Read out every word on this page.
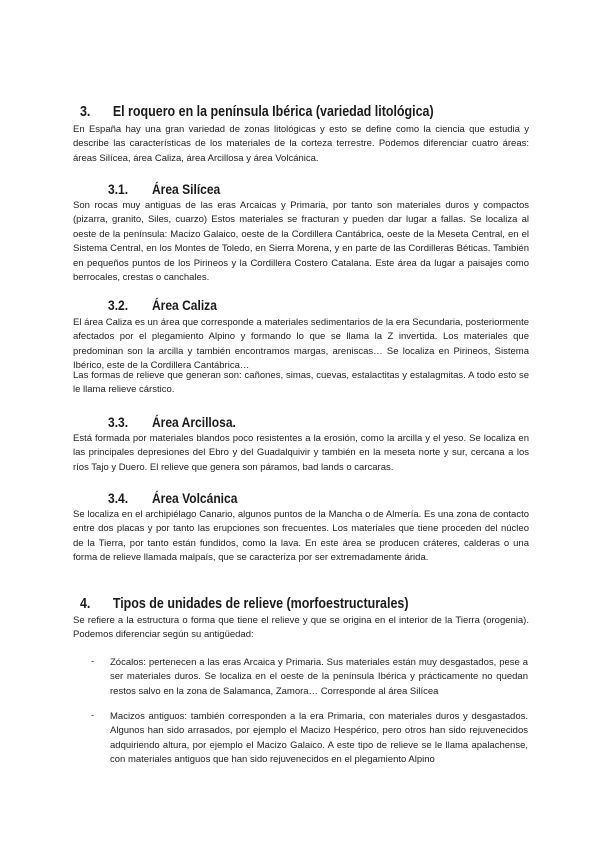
3. El roquero en la península Ibérica (variedad litológica)
En España hay una gran variedad de zonas litológicas y esto se define como la ciencia que estudia y describe las características de los materiales de la corteza terrestre. Podemos diferenciar cuatro áreas: áreas Silícea, área Caliza, área Arcillosa y área Volcánica.
3.1. Área Silícea
Son rocas muy antiguas de las eras Arcaicas y Primaria, por tanto son materiales duros y compactos (pizarra, granito, Siles, cuarzo) Estos materiales se fracturan y pueden dar lugar a fallas. Se localiza al oeste de la península: Macizo Galaico, oeste de la Cordillera Cantábrica, oeste de la Meseta Central, en el Sistema Central, en los Montes de Toledo, en Sierra Morena, y en parte de las Cordilleras Béticas. También en pequeños puntos de los Pirineos y la Cordillera Costero Catalana. Este área da lugar a paisajes como berrocales, crestas o canchales.
3.2. Área Caliza
El área Caliza es un área que corresponde a materiales sedimentarios de la era Secundaria, posteriormente afectados por el plegamiento Alpino y formando lo que se llama la Z invertida. Los materiales que predominan son la arcilla y también encontramos margas, areniscas… Se localiza en Pirineos, Sistema Ibérico, este de la Cordillera Cantábrica…
Las formas de relieve que generan son: cañones, simas, cuevas, estalactitas y estalagmitas. A todo esto se le llama relieve cárstico.
3.3. Área Arcillosa.
Está formada por materiales blandos poco resistentes a la erosión, como la arcilla y el yeso. Se localiza en las principales depresiones del Ebro y del Guadalquivir y también en la meseta norte y sur, cercana a los ríos Tajo y Duero. El relieve que genera son páramos, bad lands o carcaras.
3.4. Área Volcánica
Se localiza en el archipiélago Canario, algunos puntos de la Mancha o de Almería. Es una zona de contacto entre dos placas y por tanto las erupciones son frecuentes. Los materiales que tiene proceden del núcleo de la Tierra, por tanto están fundidos, como la lava. En este área se producen cráteres, calderas o una forma de relieve llamada malpaís, que se caracteriza por ser extremadamente árida.
4. Tipos de unidades de relieve (morfoestructurales)
Se refiere a la estructura o forma que tiene el relieve y que se origina en el interior de la Tierra (orogenia). Podemos diferenciar según su antigüedad:
- Zócalos: pertenecen a las eras Arcaica y Primaria. Sus materiales están muy desgastados, pese a ser materiales duros. Se localiza en el oeste de la península Ibérica y prácticamente no quedan restos salvo en la zona de Salamanca, Zamora… Corresponde al área Silícea
- Macizos antiguos: también corresponden a la era Primaria, con materiales duros y desgastados. Algunos han sido arrasados, por ejemplo el Macizo Hespérico, pero otros han sido rejuvenecidos adquiriendo altura, por ejemplo el Macizo Galaico. A este tipo de relieve se le llama apalachense, con materiales antiguos que han sido rejuvenecidos en el plegamiento Alpino
